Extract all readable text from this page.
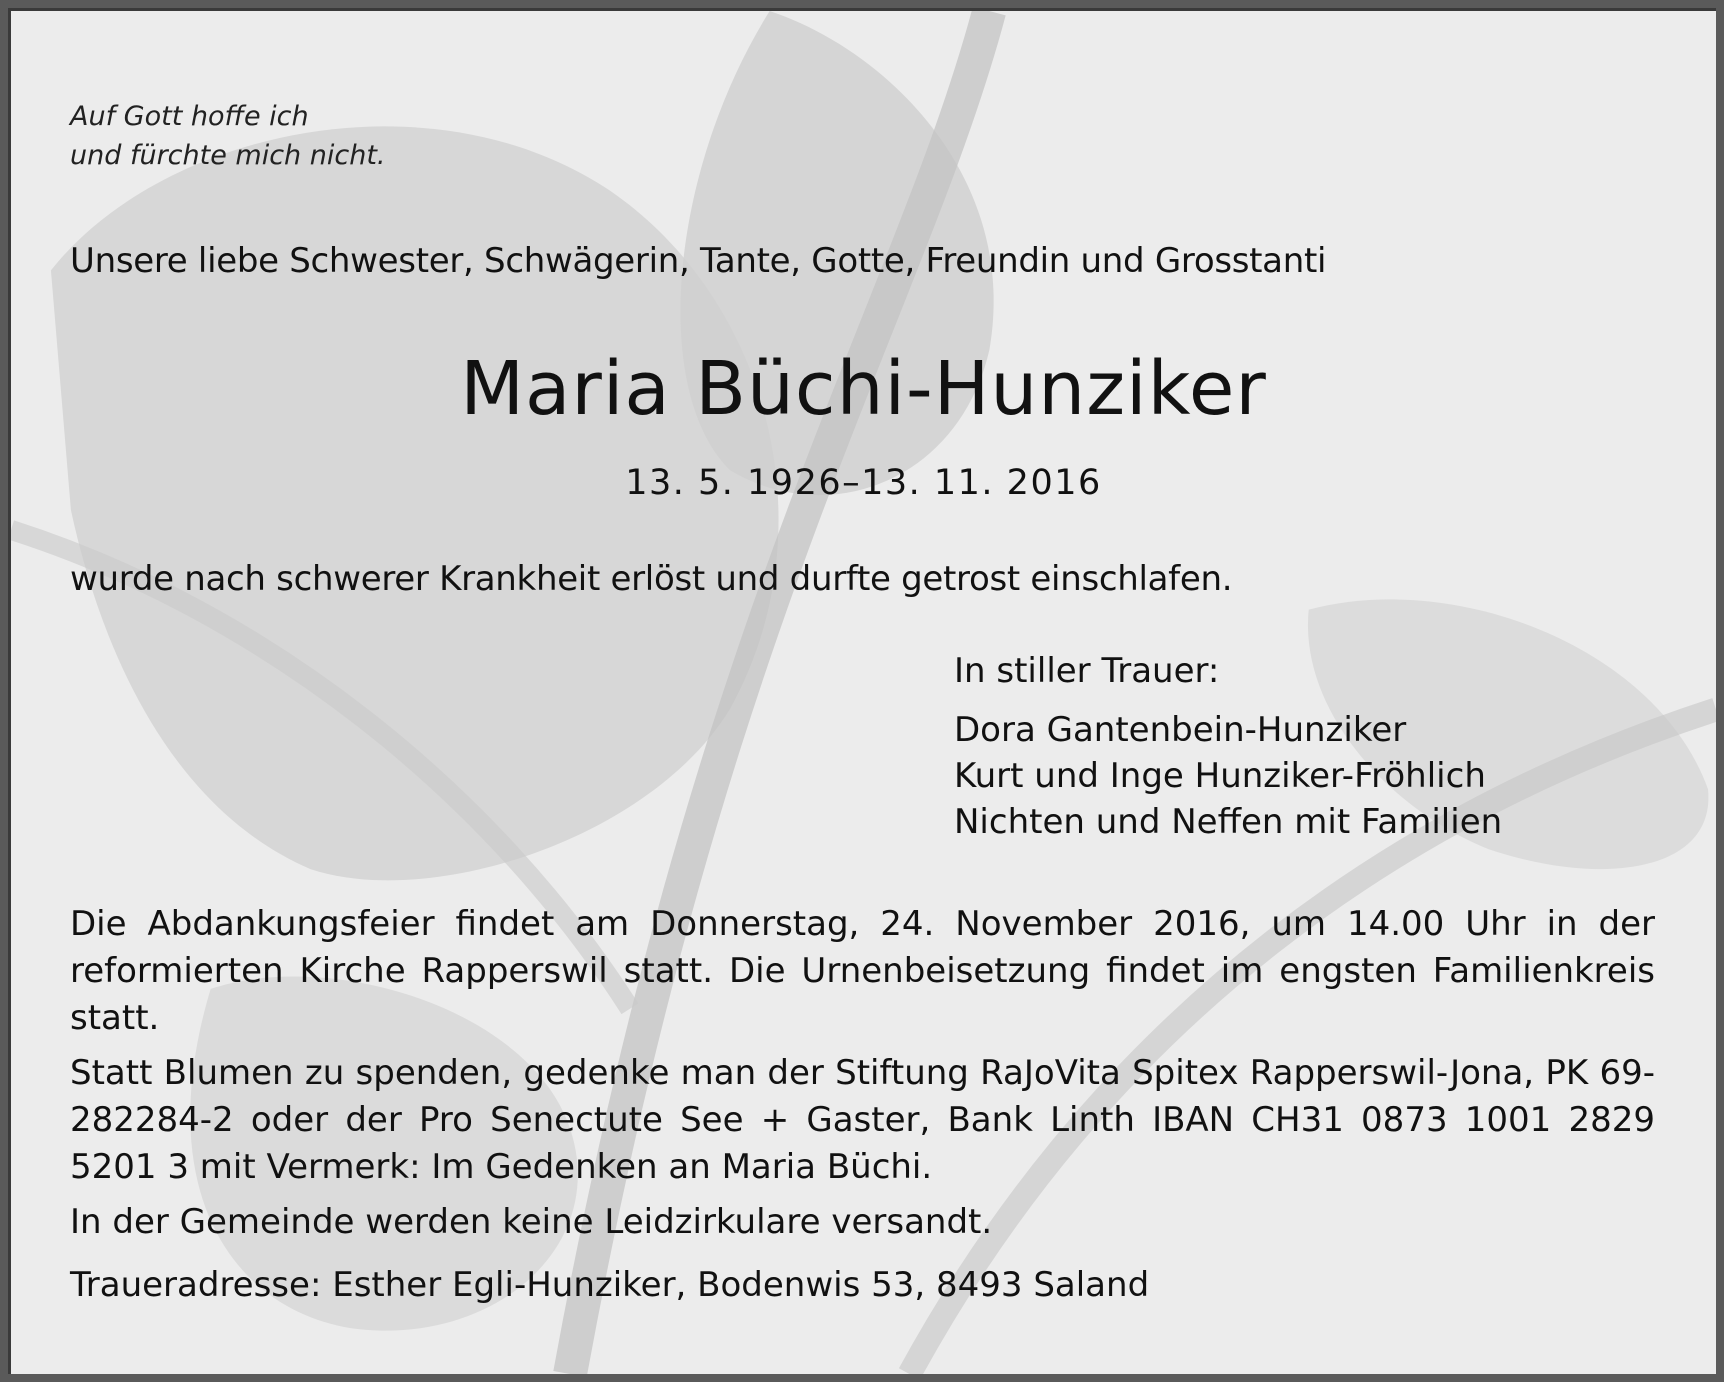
Auf Gott hoffe ich
und fürchte mich nicht.
Unsere liebe Schwester, Schwägerin, Tante, Gotte, Freundin und Grosstanti
Maria Büchi-Hunziker
13. 5. 1926–13. 11. 2016
wurde nach schwerer Krankheit erlöst und durfte getrost einschlafen.
In stiller Trauer:
Dora Gantenbein-Hunziker
Kurt und Inge Hunziker-Fröhlich
Nichten und Neffen mit Familien

Die Abdankungsfeier findet am Donnerstag, 24. November 2016, um 14.00 Uhr in der reformierten Kirche Rapperswil statt. Die Urnenbeisetzung findet im engsten Familienkreis statt.

Statt Blumen zu spenden, gedenke man der Stiftung RaJoVita Spitex Rapperswil-Jona, PK 69-282284-2 oder der Pro Senectute See + Gaster, Bank Linth IBAN CH31 0873 1001 2829 5201 3 mit Vermerk: Im Gedenken an Maria Büchi.

In der Gemeinde werden keine Leidzirkulare versandt.

Traueradresse: Esther Egli-Hunziker, Bodenwis 53, 8493 Saland
